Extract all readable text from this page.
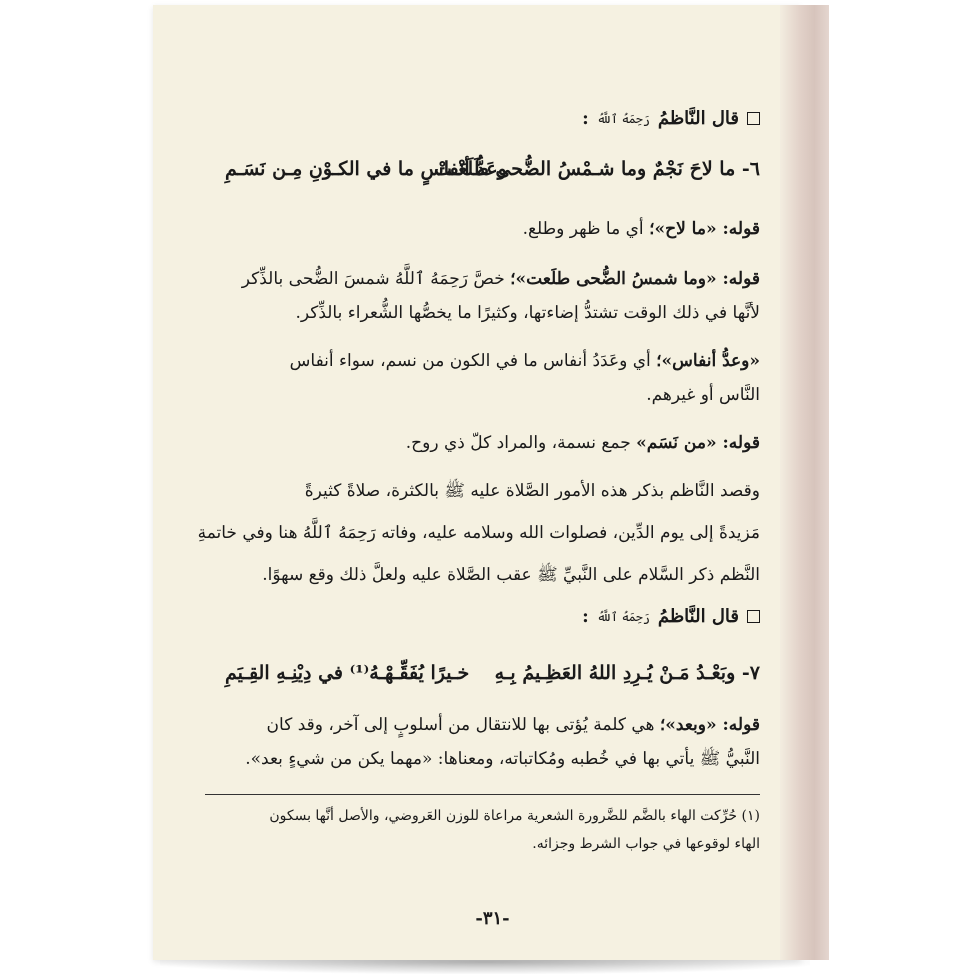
قال النَّاظمُ
رَحِمَهُ ٱللَّهُ
:
٦- ما لاحَ نَجْمٌ وما شـمْسُ الضُّحى طَلَعَـتْ
وعَدُّ أنْفاسٍ ما في الكـوْنِ مِـن نَسَـمِ
قوله: «ما لاح»؛ أي ما ظهر وطلع.
قوله: «وما شمسُ الضُّحى طلَعت»؛ خصَّ رَحِمَهُ ٱللَّهُ شمسَ الضُّحى بالذِّكر
لأنَّها في ذلك الوقت تشتدُّ إضاءتها، وكثيرًا ما يخصُّها الشُّعراء بالذِّكر.
«وعدُّ أنفاس»؛ أي وعَدَدُ أنفاس ما في الكون من نسم، سواء أنفاس
النَّاس أو غيرهم.
قوله: «من نَسَم» جمع نسمة، والمراد كلّ ذي روح.
وقصد النَّاظم بذكر هذه الأمور الصَّلاة عليه ﷺ بالكثرة، صلاةً كثيرةً
مَزيدةً إلى يوم الدِّين، فصلوات الله وسلامه عليه، وفاته رَحِمَهُ ٱللَّهُ هنا وفي خاتمةِ
النَّظم ذكر السَّلام على النَّبيِّ ﷺ عقب الصَّلاة عليه ولعلَّ ذلك وقع سهوًا.
قال النَّاظمُ
رَحِمَهُ ٱللَّهُ
:
٧- وبَعْـدُ مَـنْ يُـرِدِ اللهُ العَظِـيمُ بِـهِ
خـيرًا يُفَقِّـهْـهُ⁽¹⁾ في دِيْنِـهِ القِـيَمِ
قوله: «وبعد»؛ هي كلمة يُؤتى بها للانتقال من أسلوبٍ إلى آخر، وقد كان
النَّبيُّ ﷺ يأتي بها في خُطبه ومُكاتباته، ومعناها: «مهما يكن من شيءٍ بعد».
(١) حُرِّكت الهاء بالضَّم للضَّرورة الشعرية مراعاة للوزن العَروضي، والأصل أنَّها بسكون
الهاء لوقوعها في جواب الشرط وجزائه.
-٣١-
